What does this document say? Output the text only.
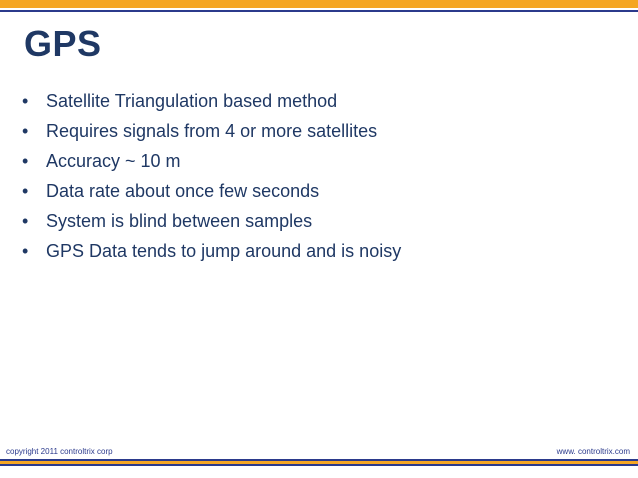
GPS
• Satellite Triangulation based method
• Requires signals from 4 or more satellites
• Accuracy ~ 10 m
• Data rate about once few seconds
• System is blind between samples
• GPS Data tends to jump around and is noisy
copyright 2011 controltrix corp	www. controltrix.com
